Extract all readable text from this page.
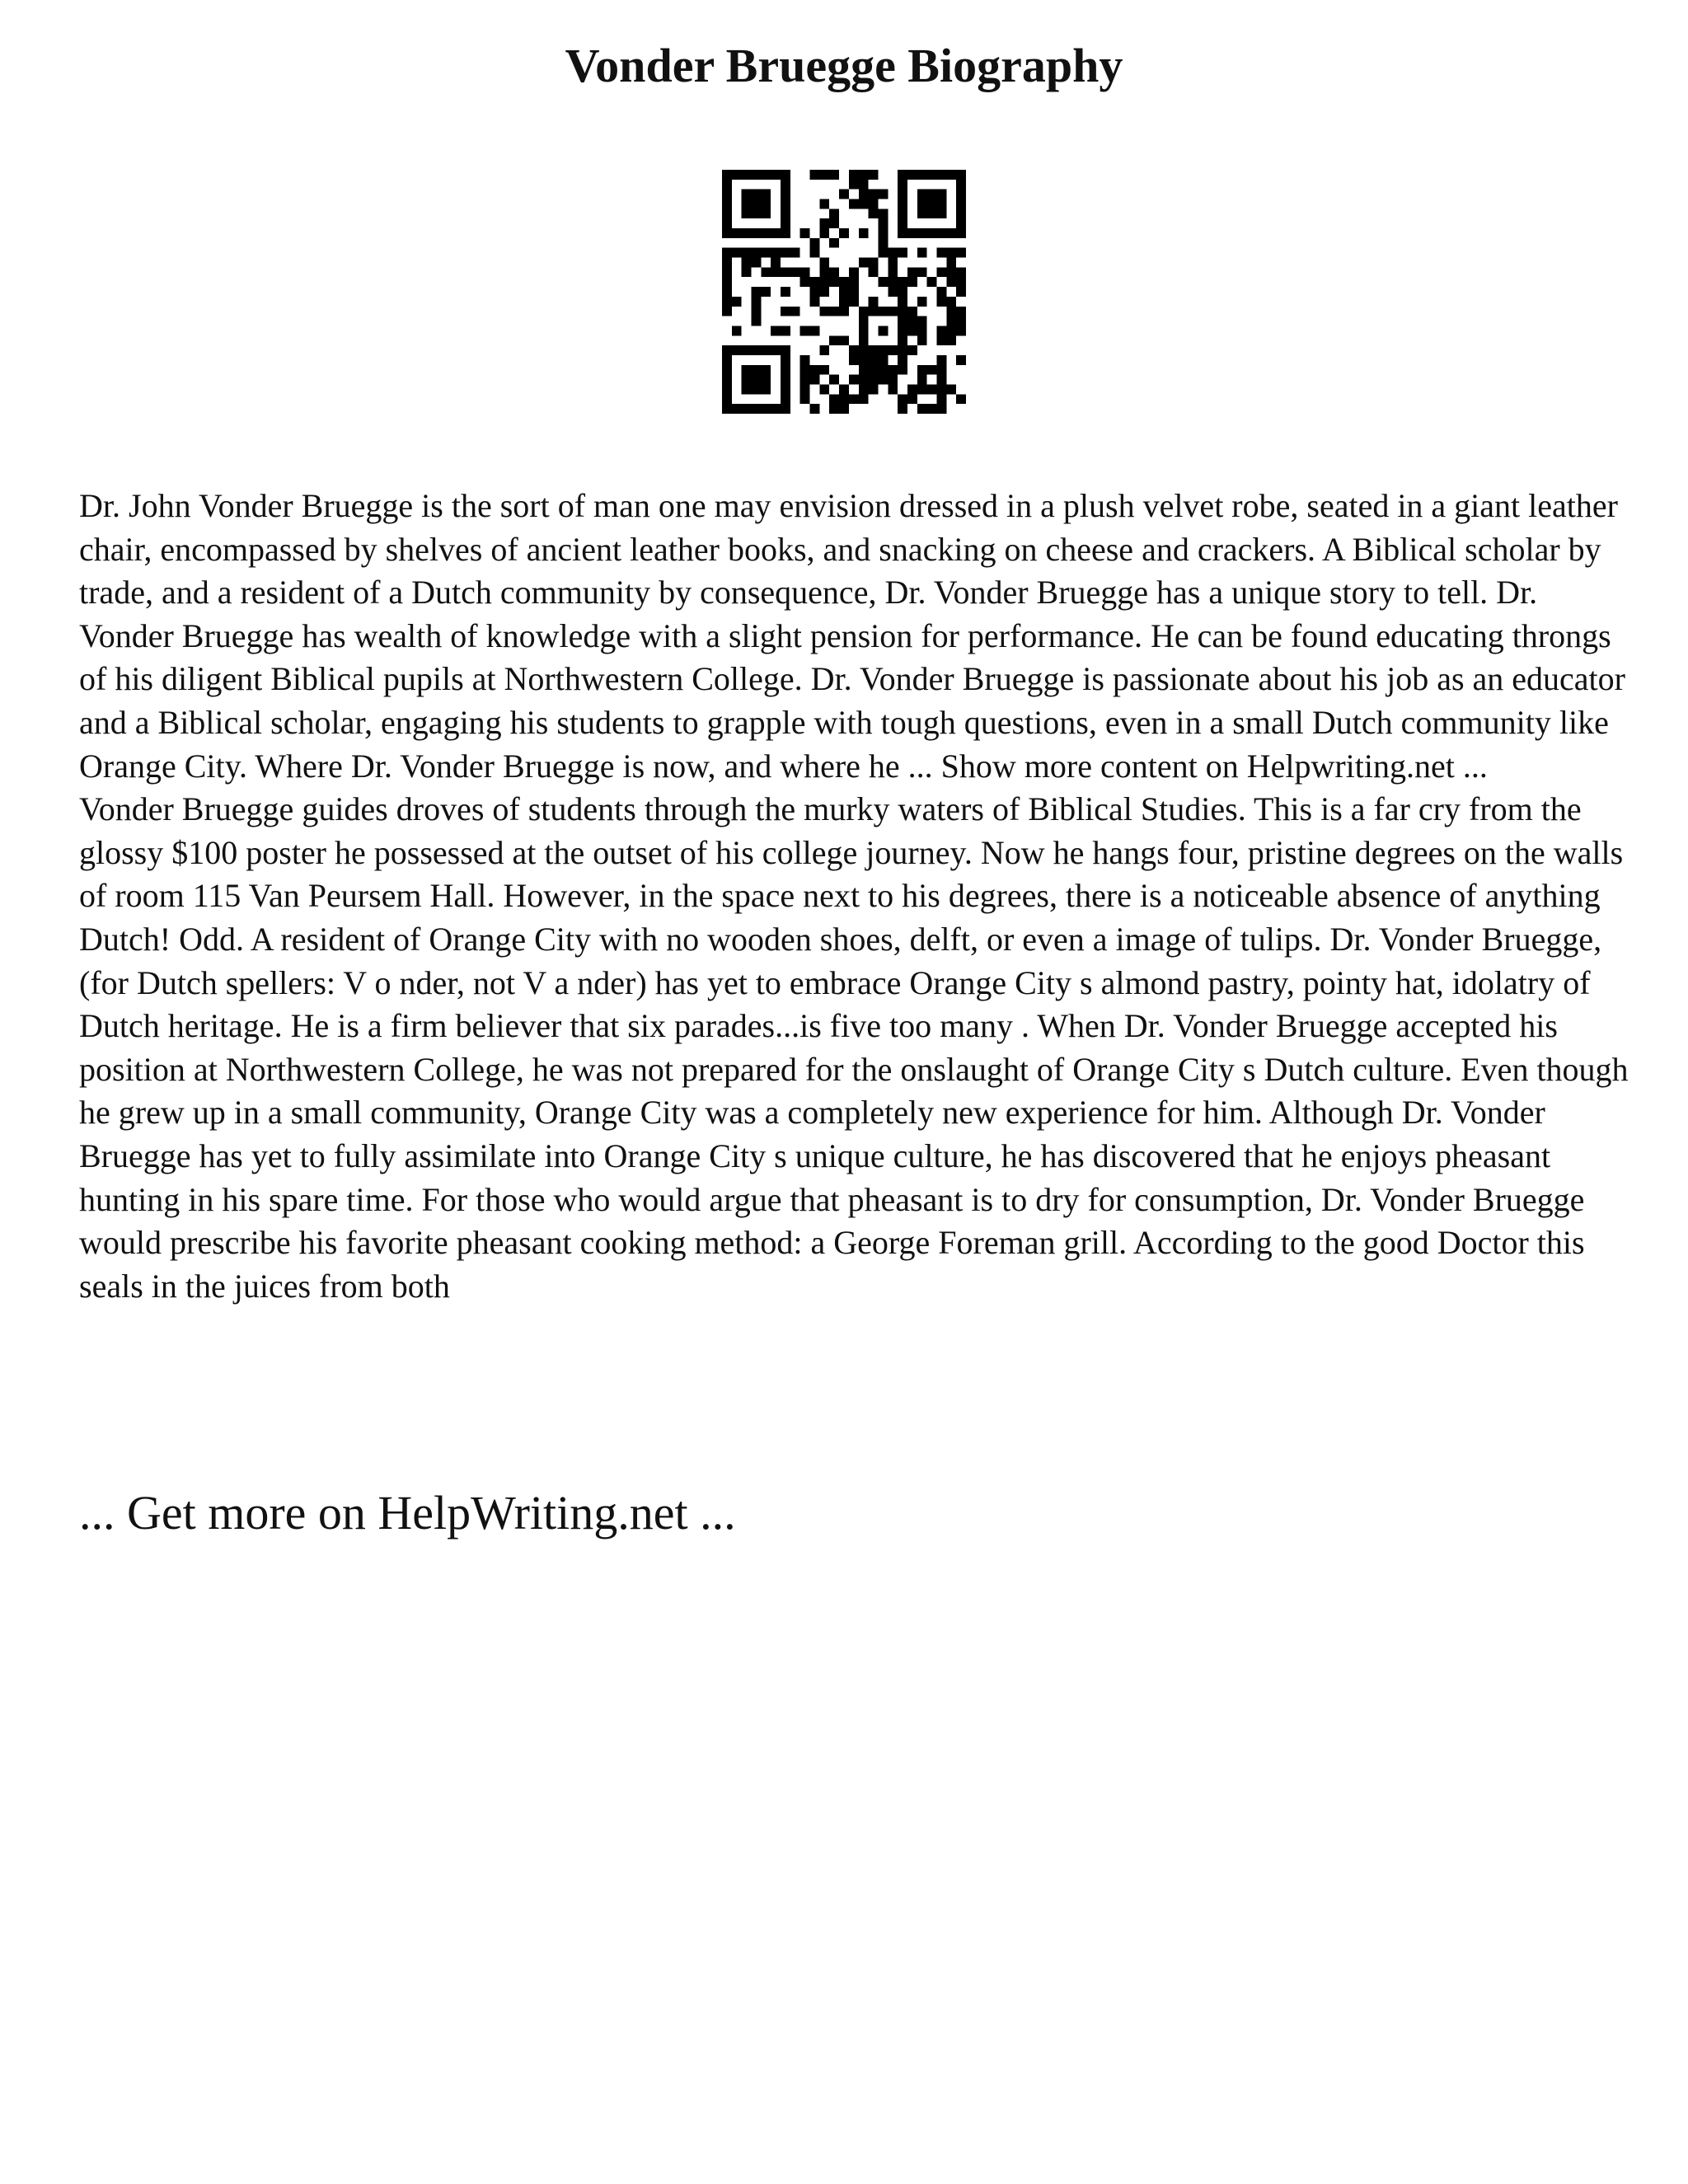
Vonder Bruegge Biography

Dr. John Vonder Bruegge is the sort of man one may envision dressed in a plush velvet robe, seated in a giant leather chair, encompassed by shelves of ancient leather books, and snacking on cheese and crackers. A Biblical scholar by trade, and a resident of a Dutch community by consequence, Dr. Vonder Bruegge has a unique story to tell. Dr. Vonder Bruegge has wealth of knowledge with a slight pension for performance. He can be found educating throngs of his diligent Biblical pupils at Northwestern College. Dr. Vonder Bruegge is passionate about his job as an educator and a Biblical scholar, engaging his students to grapple with tough questions, even in a small Dutch community like Orange City. Where Dr. Vonder Bruegge is now, and where he ... Show more content on Helpwriting.net ...

Vonder Bruegge guides droves of students through the murky waters of Biblical Studies. This is a far cry from the glossy $100 poster he possessed at the outset of his college journey. Now he hangs four, pristine degrees on the walls of room 115 Van Peursem Hall. However, in the space next to his degrees, there is a noticeable absence of anything Dutch! Odd. A resident of Orange City with no wooden shoes, delft, or even a image of tulips. Dr. Vonder Bruegge, (for Dutch spellers: V o nder, not V a nder) has yet to embrace Orange City s almond pastry, pointy hat, idolatry of Dutch heritage. He is a firm believer that six parades...is five too many . When Dr. Vonder Bruegge accepted his position at Northwestern College, he was not prepared for the onslaught of Orange City s Dutch culture. Even though he grew up in a small community, Orange City was a completely new experience for him. Although Dr. Vonder Bruegge has yet to fully assimilate into Orange City s unique culture, he has discovered that he enjoys pheasant hunting in his spare time. For those who would argue that pheasant is to dry for consumption, Dr. Vonder Bruegge would prescribe his favorite pheasant cooking method: a George Foreman grill. According to the good Doctor this seals in the juices from both

... Get more on HelpWriting.net ...
